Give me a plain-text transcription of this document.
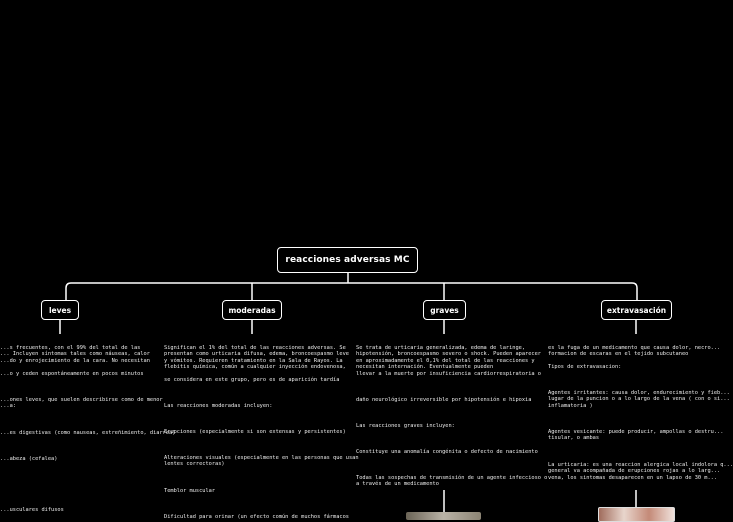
reacciones adversas MC
leves	moderadas	graves	extravasación
...s frecuentes, con el 99% del total de las
... Incluyen síntomas tales como náuseas, calor
...do y enrojecimiento de la cara. No necesitan
...o y ceden espontáneamente en pocos minutos
...ones leves, que suelen describirse como de menor
...a:
...es digestivas (como nauseas, estreñimiento, diarrea)
...abeza (cefalea)
...usculares difusos
Significan el 1% del total de las reacciones adversas. Se
presentan como urticaria difusa, edema, broncoespasmo leve
y vómitos. Requieren tratamiento en la Sala de Rayos. La
flebitis química, común a cualquier inyección endovenosa,
se considera en este grupo, pero es de aparición tardía
Las reacciones moderadas incluyen:
Erupciones (especialmente si son extensas y persistentes)
Alteraciones visuales (especialmente en las personas que usan
lentes correctoras)
Temblor muscular
Dificultad para orinar (un efecto común de muchos fármacos
Se trata de urticaria generalizada, edema de laringe,
hipotensión, broncoespasmo severo o shock. Pueden aparecer
en aproximadamente el 0,1% del total de las reacciones y
necesitan internación. Eventualmente pueden
llevar a la muerte por insuficiencia cardiorrespiratoria o
daño neurológico irreversible por hipotensión e hipoxia
Las reacciones graves incluyen:
Constituye una anomalía congénita o defecto de nacimiento
Todas las sospechas de transmisión de un agente infeccioso o
a través de un medicamento
es la fuga de un medicamento que causa dolor, necro...
formacion de escaras en el tejido subcutaneo
Tipos de extravasacion:
Agentes irritantes: causa dolor, endurecimiento y fieb...
lugar de la puncion o a lo largo de la vena ( con o si...
inflamatoria )
Agentes vesicante: puede producir, ampollas o destru...
tisular, o ambas
La urticaria: es una reaccion alergica local indolora q...
general va acompañada de erupciones rojas a lo larg...
vena, los sintomas desaparecen en un lapso de 30 m...
